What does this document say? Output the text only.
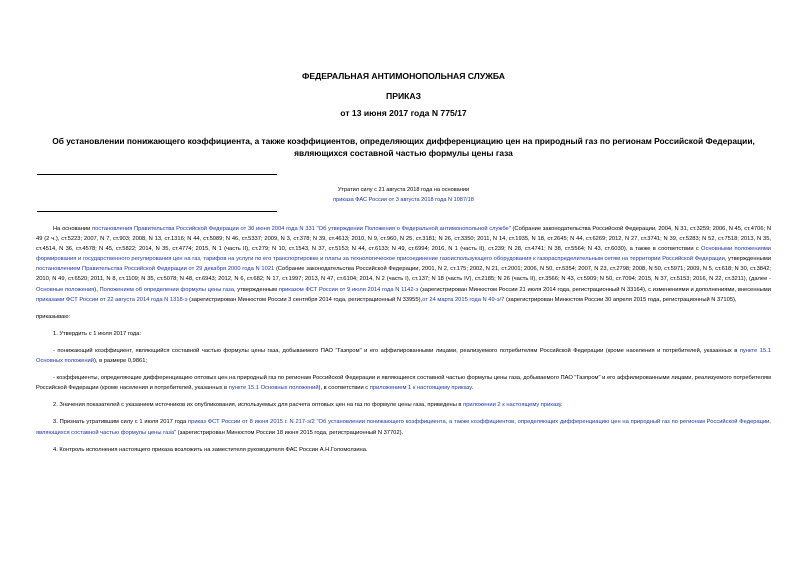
ФЕДЕРАЛЬНАЯ АНТИМОНОПОЛЬНАЯ СЛУЖБА
ПРИКАЗ
от 13 июня 2017 года N 775/17
Об установлении понижающего коэффициента, а также коэффициентов, определяющих дифференциацию цен на природный газ по регионам Российской Федерации, являющихся составной частью формулы цены газа
Утратил силу с 21 августа 2018 года на основании
приказа ФАС России от 3 августа 2018 года N 1087/18

На основании постановления Правительства Российской Федерации от 30 июня 2004 года N 331 "Об утверждении Положения о Федеральной антимонопольной службе" (Собрание законодательства Российской Федерации, 2004, N 31, ст.3259; 2006, N 45, ст.4706; N 49 (2 ч.), ст.5223; 2007, N 7, ст.903; 2008, N 13, ст.1316; N 44, ст.5089; N 46, ст.5337; 2009, N 3, ст.378; N 39, ст.4613; 2010, N 9, ст.960, N 25, ст.3181; N 26, ст.3350; 2011, N 14, ст.1935, N 18, ст.2645; N 44, ст.6269; 2012, N 27, ст.3741; N 39, ст.5283; N 52, ст.7518; 2013, N 35, ст.4514, N 36, ст.4578; N 45, ст.5822; 2014, N 35, ст.4774; 2015, N 1 (часть II), ст.279; N 10, ст.1543, N 37, ст.5153; N 44, ст.6133; N 49, ст.6994; 2016, N 1 (часть II), ст.239; N 28, ст.4741; N 38, ст.5564; N 43, ст.6030), а также в соответствии с Основными положениями формирования и государственного регулирования цен на газ, тарифов на услуги по его транспортировке и платы за технологическое присоединение газоиспользующего оборудования к газораспределительным сетям на территории Российской Федерации, утвержденными постановлением Правительства Российской Федерации от 29 декабря 2000 года N 1021 (Собрание законодательства Российской Федерации, 2001, N 2, ст.175; 2002, N 21, ст.2001; 2006, N 50, ст.5354; 2007, N 23, ст.2798; 2008, N 50, ст.5971; 2009, N 5, ст.618; N 30, ст.3842; 2010, N 49, ст.6520; 2011, N 8, ст.1109; N 35, ст.5078; N 48, ст.6943; 2012, N 6, ст.682; N 17, ст.1997; 2013, N 47, ст.6104; 2014, N 2 (часть I), ст.137; N 18 (часть IV), ст.2185; N 26 (часть II), ст.3566; N 43, ст.5909; N 50, ст.7094; 2015, N 37, ст.5153; 2016, N 22, ст.3211), (далее - Основные положения), Положением об определении формулы цены газа, утвержденным приказом ФСТ России от 9 июля 2014 года N 1142-э (зарегистрирован Минюстом России 21 июля 2014 года, регистрационный N 33164), с изменениями и дополнениями, внесенными приказами ФСТ России от 22 августа 2014 года N 1318-э (зарегистрирован Минюстом России 3 сентября 2014 года, регистрационный N 33955),от 24 марта 2015 года N 49-э/7 (зарегистрирован Минюстом России 30 апреля 2015 года, регистрационный N 37105),

приказываю:

1. Утвердить с 1 июля 2017 года:

- понижающий коэффициент, являющийся составной частью формулы цены газа, добываемого ПАО "Газпром" и его аффилированными лицами, реализуемого потребителям Российской Федерации (кроме населения и потребителей, указанных в пункте 15.1 Основных положений), в размере 0,9861;

- коэффициенты, определяющие дифференциацию оптовых цен на природный газ по регионам Российской Федерации и являющиеся составной частью формулы цены газа, добываемого ПАО "Газпром" и его аффилированными лицами, реализуемого потребителям Российской Федерации (кроме населения и потребителей, указанных в пункте 15.1 Основных положений), в соответствии с приложением 1 к настоящему приказу.

2. Значения показателей с указанием источников их опубликования, используемых для расчета оптовых цен на газ по формуле цены газа, приведены в приложении 2 к настоящему приказу.

3. Признать утратившим силу с 1 июля 2017 года приказ ФСТ России от 8 июня 2015 г. N 217-э/2 "Об установлении понижающего коэффициента, а также коэффициентов, определяющих дифференциацию цен на природный газ по регионам Российской Федерации, являющихся составной частью формулы цены газа" (зарегистрирован Минюстом России 18 июня 2015 года, регистрационный N 37702).

4. Контроль исполнения настоящего приказа возложить на заместителя руководителя ФАС России А.Н.Голомолзина.
